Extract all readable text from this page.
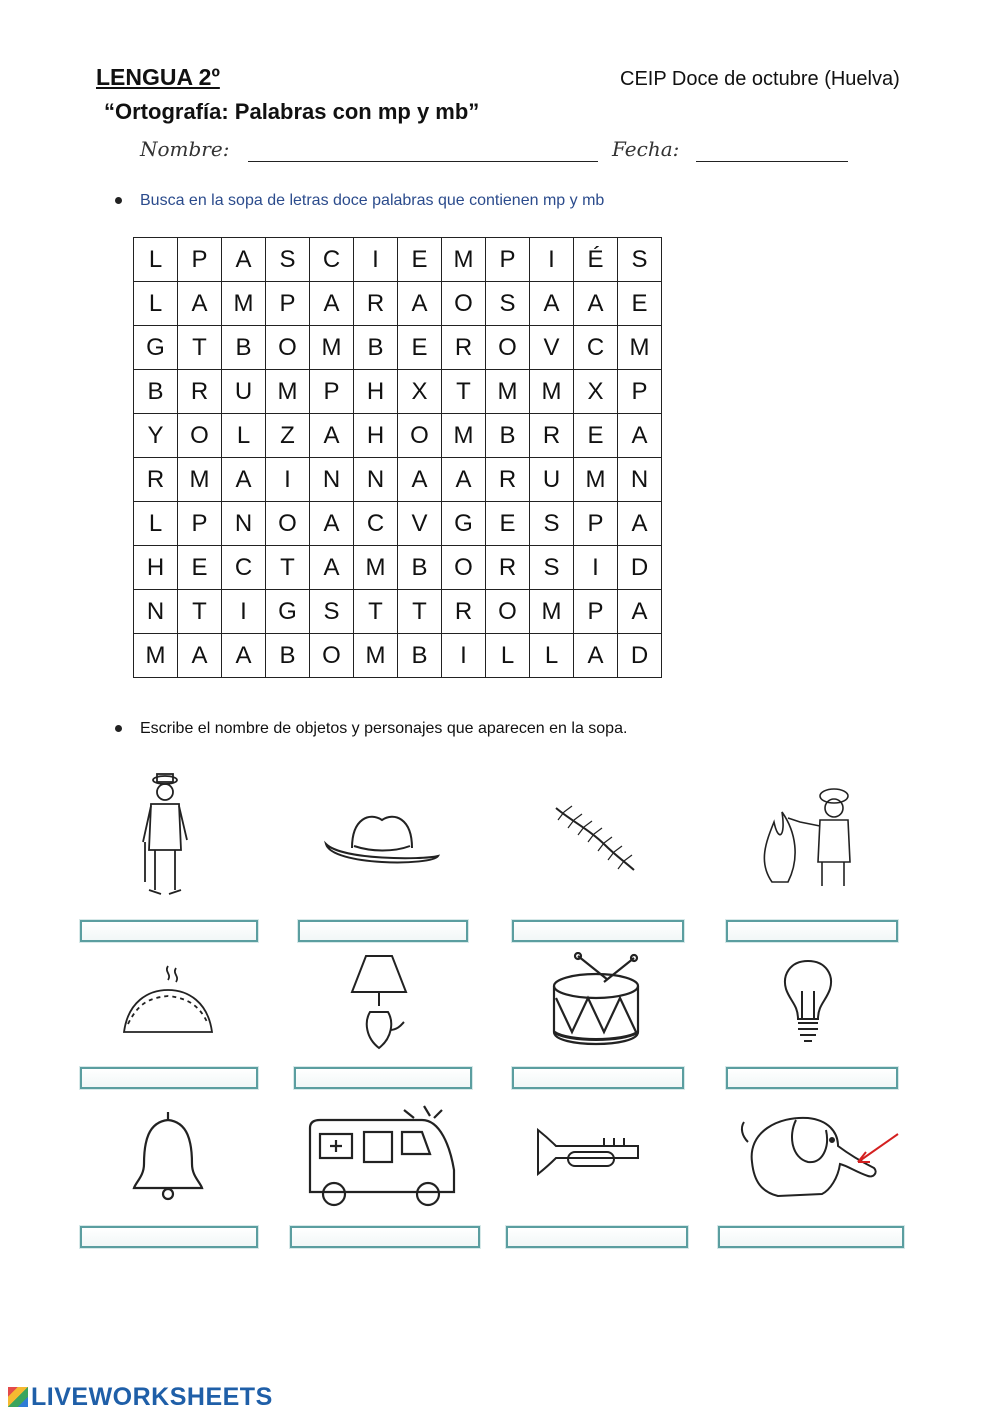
LENGUA 2º	CEIP Doce de octubre (Huelva)
“Ortografía: Palabras con mp y mb”
Nombre:	Fecha:
Busca en la sopa de letras doce palabras que contienen mp y mb
L	P	A	S	C	I	E	M	P	I	É	S
L	A	M	P	A	R	A	O	S	A	A	E
G	T	B	O	M	B	E	R	O	V	C	M
B	R	U	M	P	H	X	T	M	M	X	P
Y	O	L	Z	A	H	O	M	B	R	E	A
R	M	A	I	N	N	A	A	R	U	M	N
L	P	N	O	A	C	V	G	E	S	P	A
H	E	C	T	A	M	B	O	R	S	I	D
N	T	I	G	S	T	T	R	O	M	P	A
M	A	A	B	O	M	B	I	L	L	A	D
Escribe el nombre de objetos y personajes que aparecen en la sopa.
LIVEWORKSHEETS
